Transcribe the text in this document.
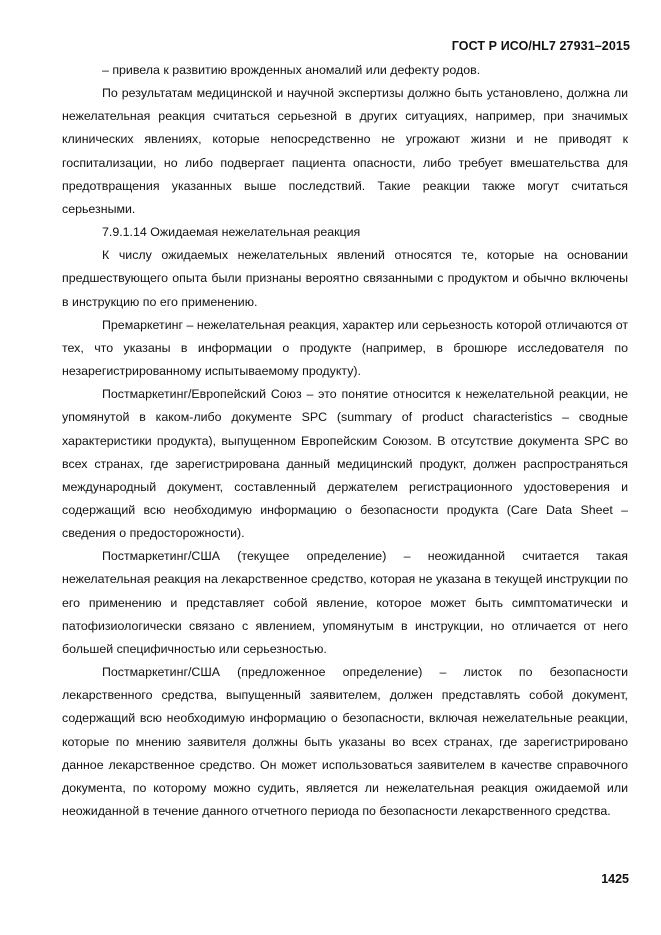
ГОСТ Р ИСО/HL7 27931–2015

– привела к развитию врожденных аномалий или дефекту родов.

По результатам медицинской и научной экспертизы должно быть установлено, должна ли нежелательная реакция считаться серьезной в других ситуациях, например, при значимых клинических явлениях, которые непосредственно не угрожают жизни и не приводят к госпитализации, но либо подвергает пациента опасности, либо требует вмешательства для предотвращения указанных выше последствий. Такие реакции также могут считаться серьезными.

7.9.1.14 Ожидаемая нежелательная реакция

К числу ожидаемых нежелательных явлений относятся те, которые на основании предшествующего опыта были признаны вероятно связанными с продуктом и обычно включены в инструкцию по его применению.

Премаркетинг – нежелательная реакция, характер или серьезность которой отличаются от тех, что указаны в информации о продукте (например, в брошюре исследователя по незарегистрированному испытываемому продукту).

Постмаркетинг/Европейский Союз – это понятие относится к нежелательной реакции, не упомянутой в каком-либо документе SPC (summary of product characteristics – сводные характеристики продукта), выпущенном Европейским Союзом. В отсутствие документа SPC во всех странах, где зарегистрирована данный медицинский продукт, должен распространяться международный документ, составленный держателем регистрационного удостоверения и содержащий всю необходимую информацию о безопасности продукта (Care Data Sheet – сведения о предосторожности).

Постмаркетинг/США (текущее определение) – неожиданной считается такая нежелательная реакция на лекарственное средство, которая не указана в текущей инструкции по его применению и представляет собой явление, которое может быть симптоматически и патофизиологически связано с явлением, упомянутым в инструкции, но отличается от него большей специфичностью или серьезностью.

Постмаркетинг/США (предложенное определение) – листок по безопасности лекарственного средства, выпущенный заявителем, должен представлять собой документ, содержащий всю необходимую информацию о безопасности, включая нежелательные реакции, которые по мнению заявителя должны быть указаны во всех странах, где зарегистрировано данное лекарственное средство. Он может использоваться заявителем в качестве справочного документа, по которому можно судить, является ли нежелательная реакция ожидаемой или неожиданной в течение данного отчетного периода по безопасности лекарственного средства.

1425
